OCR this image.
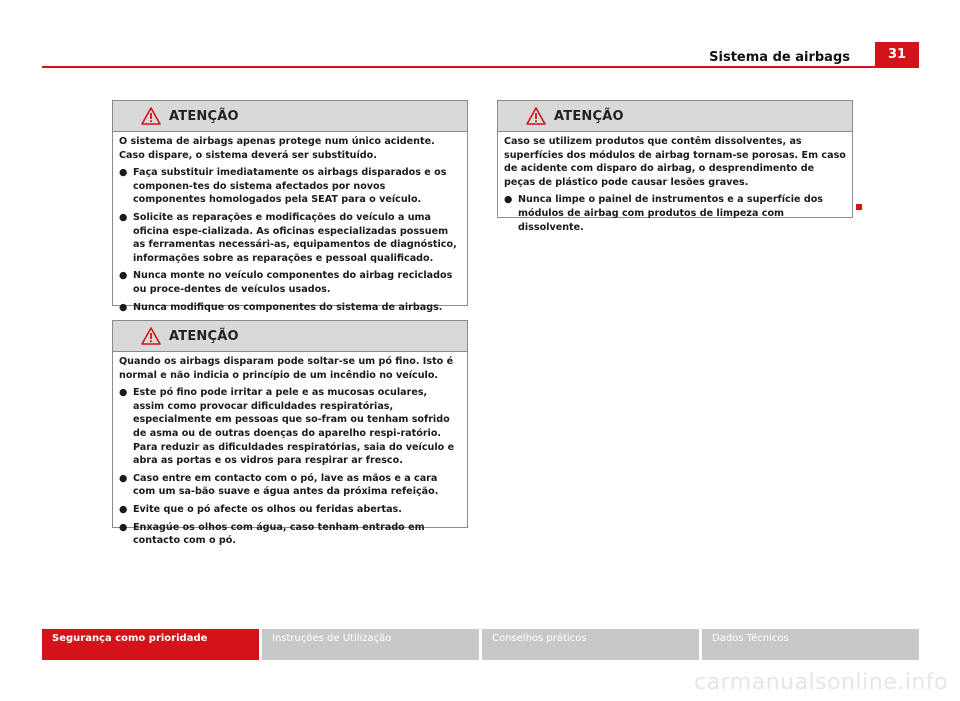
Sistema de airbags	31
ATENÇÃO

O sistema de airbags apenas protege num único acidente. Caso dispare, o sistema deverá ser substituído.

● Faça substituir imediatamente os airbags disparados e os componen-tes do sistema afectados por novos componentes homologados pela SEAT para o veículo.

● Solicite as reparações e modificações do veículo a uma oficina espe-cializada. As oficinas especializadas possuem as ferramentas necessári-as, equipamentos de diagnóstico, informações sobre as reparações e pessoal qualificado.

● Nunca monte no veículo componentes do airbag reciclados ou proce-dentes de veículos usados.

● Nunca modifique os componentes do sistema de airbags.

ATENÇÃO

Quando os airbags disparam pode soltar-se um pó fino. Isto é normal e não indicia o princípio de um incêndio no veículo.

● Este pó fino pode irritar a pele e as mucosas oculares, assim como provocar dificuldades respiratórias, especialmente em pessoas que so-fram ou tenham sofrido de asma ou de outras doenças do aparelho respi-ratório. Para reduzir as dificuldades respiratórias, saia do veículo e abra as portas e os vidros para respirar ar fresco.

● Caso entre em contacto com o pó, lave as mãos e a cara com um sa-bão suave e água antes da próxima refeição.

● Evite que o pó afecte os olhos ou feridas abertas.

● Enxagúe os olhos com água, caso tenham entrado em contacto com o pó.

ATENÇÃO

Caso se utilizem produtos que contêm dissolventes, as superfícies dos módulos de airbag tornam-se porosas. Em caso de acidente com disparo do airbag, o desprendimento de peças de plástico pode causar lesões graves.

● Nunca limpe o painel de instrumentos e a superfície dos módulos de airbag com produtos de limpeza com dissolvente.

Segurança como prioridade	Instruções de Utilização	Conselhos práticos	Dados Técnicos
carmanualsonline.info
